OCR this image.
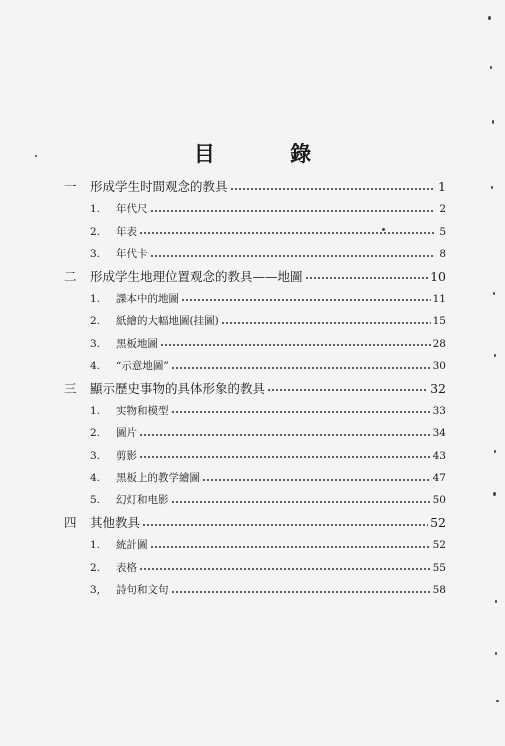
目 錄
一	形成学生时間观念的教具	1
1.	年代尺	2
2.	年表	5
3.	年代卡	8
二	形成学生地理位置观念的教具——地圖	10
1.	課本中的地圖	11
2.	紙繪的大幅地圖(挂圖)	15
3.	黑板地圖	28
4.	“示意地圖”	30
三	顯示歷史事物的具体形象的教具	32
1.	实物和模型	33
2.	圖片	34
3.	剪影	43
4.	黑板上的教学繪圖	47
5.	幻灯和电影	50
四	其他教具	52
1.	統計圖	52
2.	表格	55
3,	詩句和文句	58
